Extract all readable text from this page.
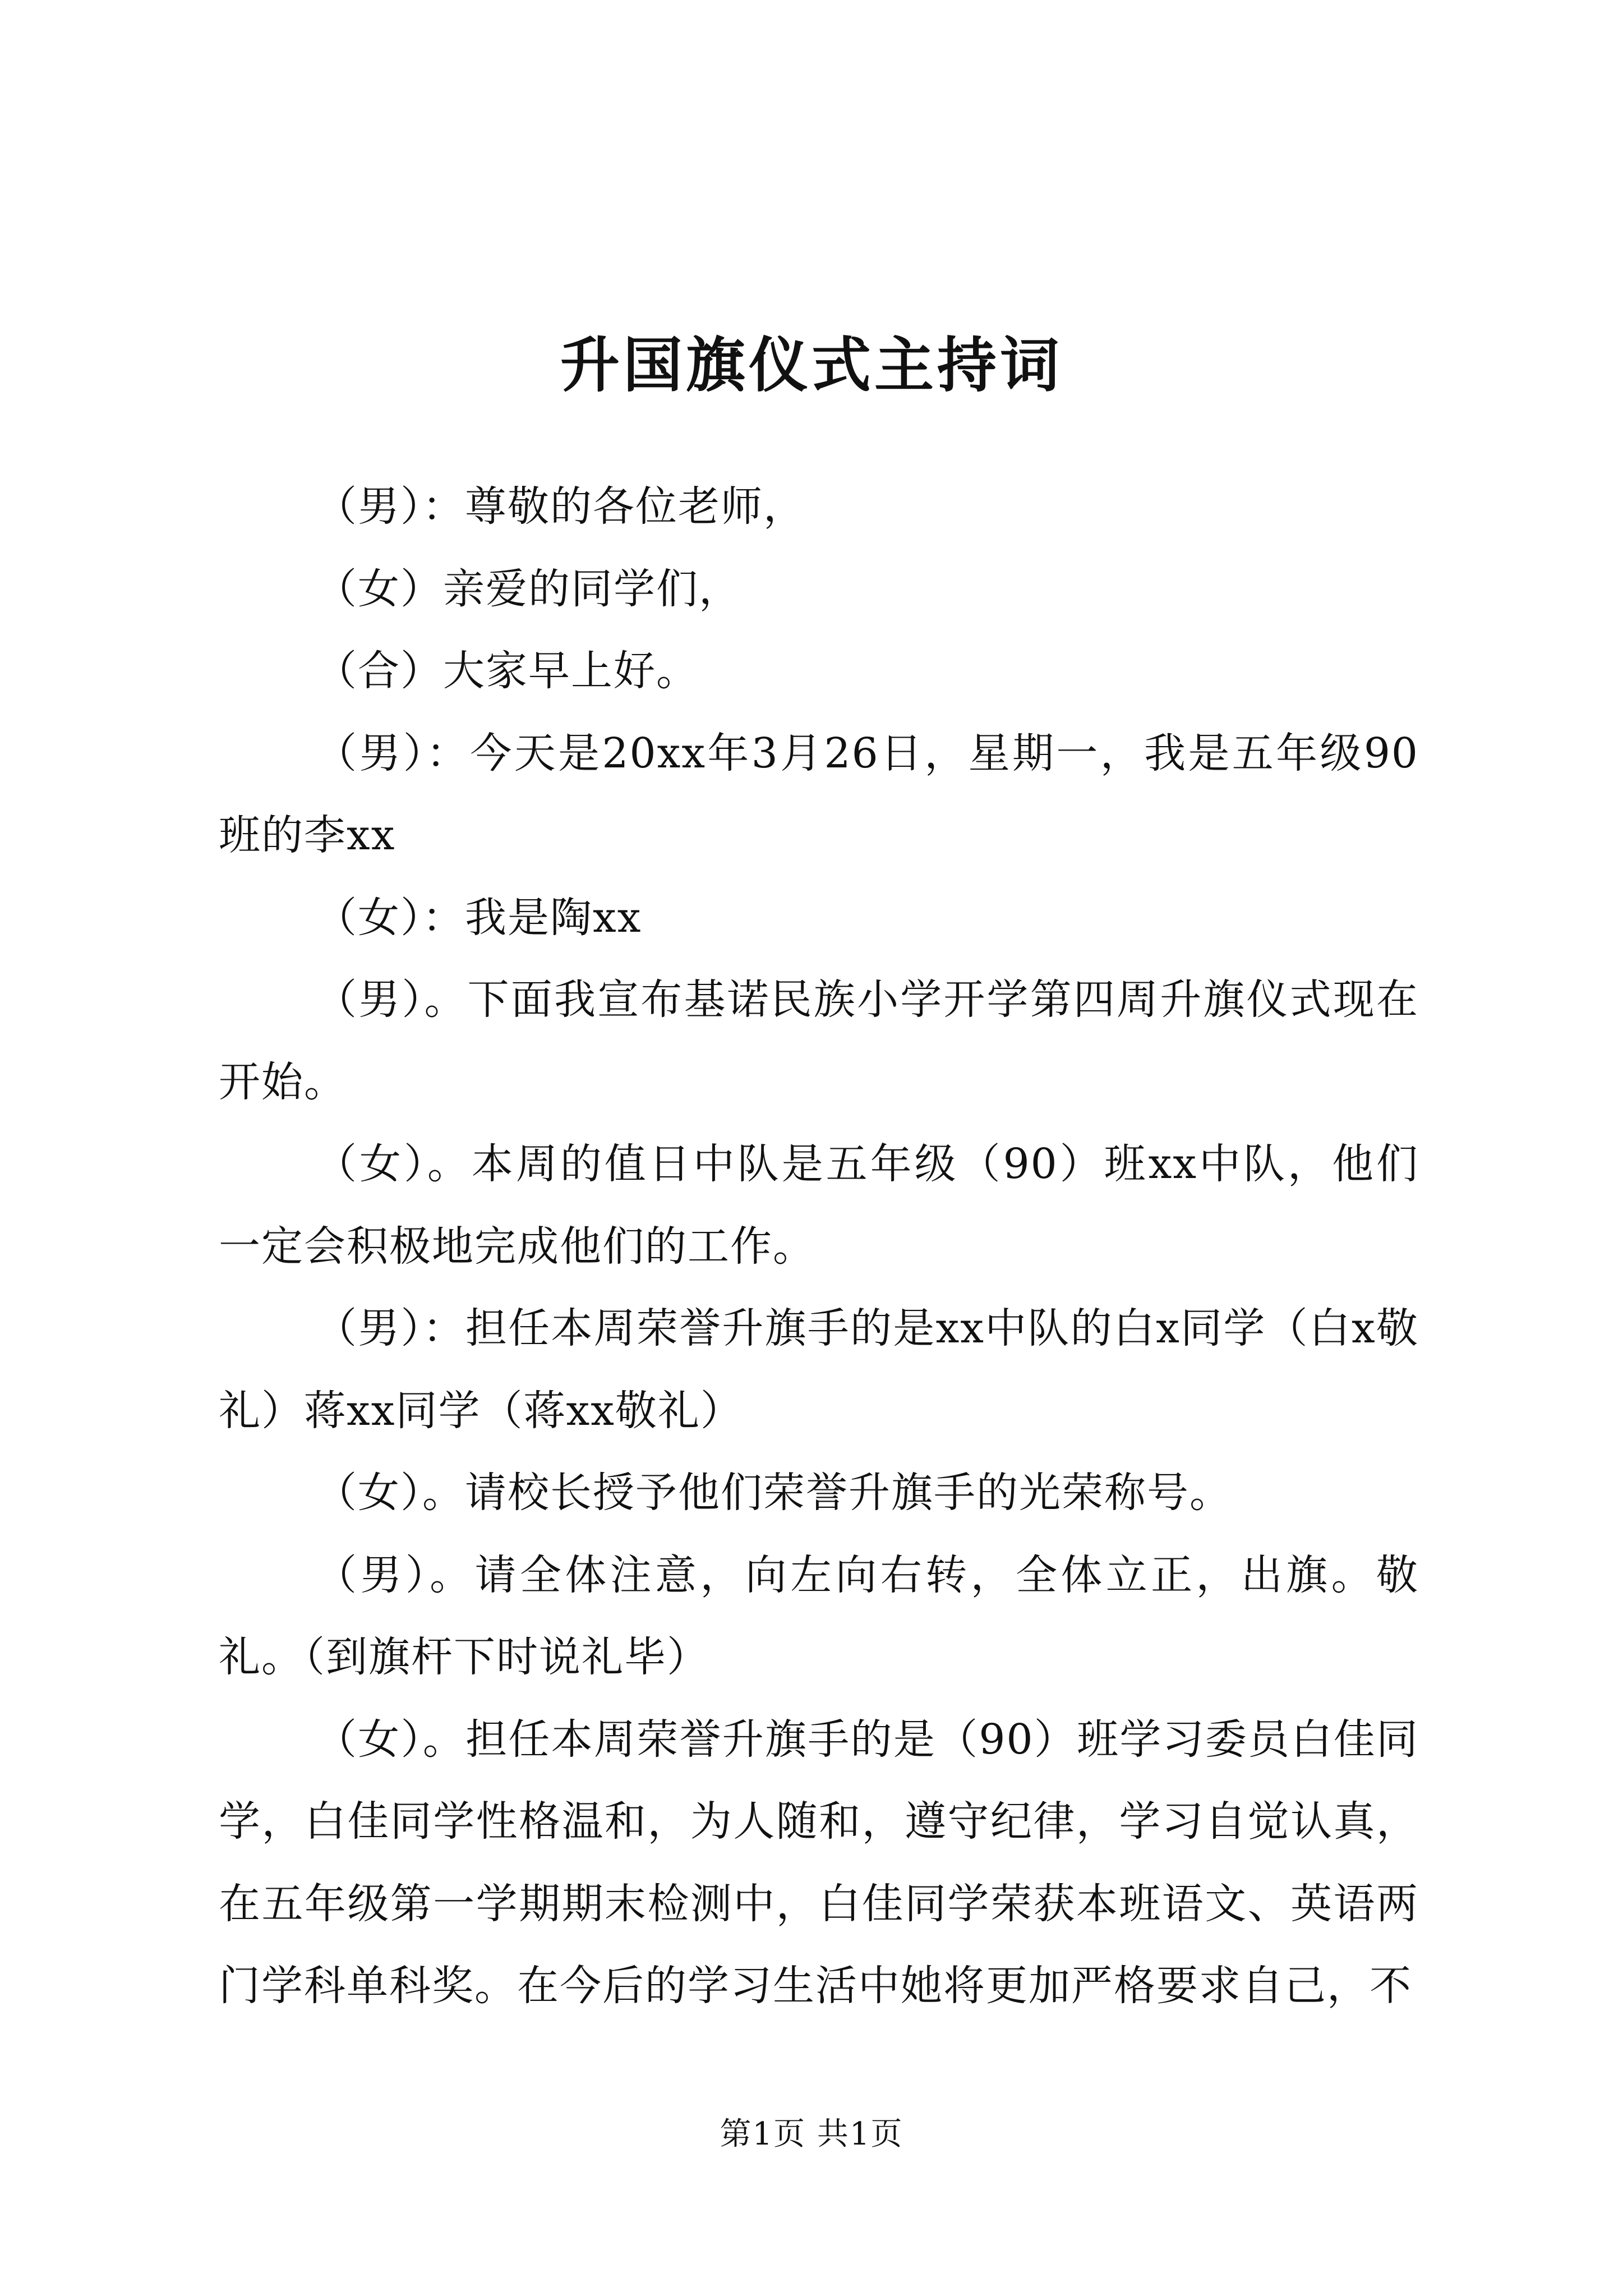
升国旗仪式主持词

（男）：尊敬的各位老师，

（女）亲爱的同学们，

（合）大家早上好。

（男）：今天是20xx年3月26日，星期一，我是五年级90班的李xx

（女）：我是陶xx

（男）。下面我宣布基诺民族小学开学第四周升旗仪式现在开始。

（女）。本周的值日中队是五年级（90）班xx中队，他们一定会积极地完成他们的工作。

（男）：担任本周荣誉升旗手的是xx中队的白x同学（白x敬礼）蒋xx同学（蒋xx敬礼）

（女）。请校长授予他们荣誉升旗手的光荣称号。

（男）。请全体注意，向左向右转，全体立正，出旗。敬礼。（到旗杆下时说礼毕）

（女）。担任本周荣誉升旗手的是（90）班学习委员白佳同学，白佳同学性格温和，为人随和，遵守纪律，学习自觉认真，在五年级第一学期期末检测中，白佳同学荣获本班语文、英语两门学科单科奖。在今后的学习生活中她将更加严格要求自己，不

第1页 共1页
